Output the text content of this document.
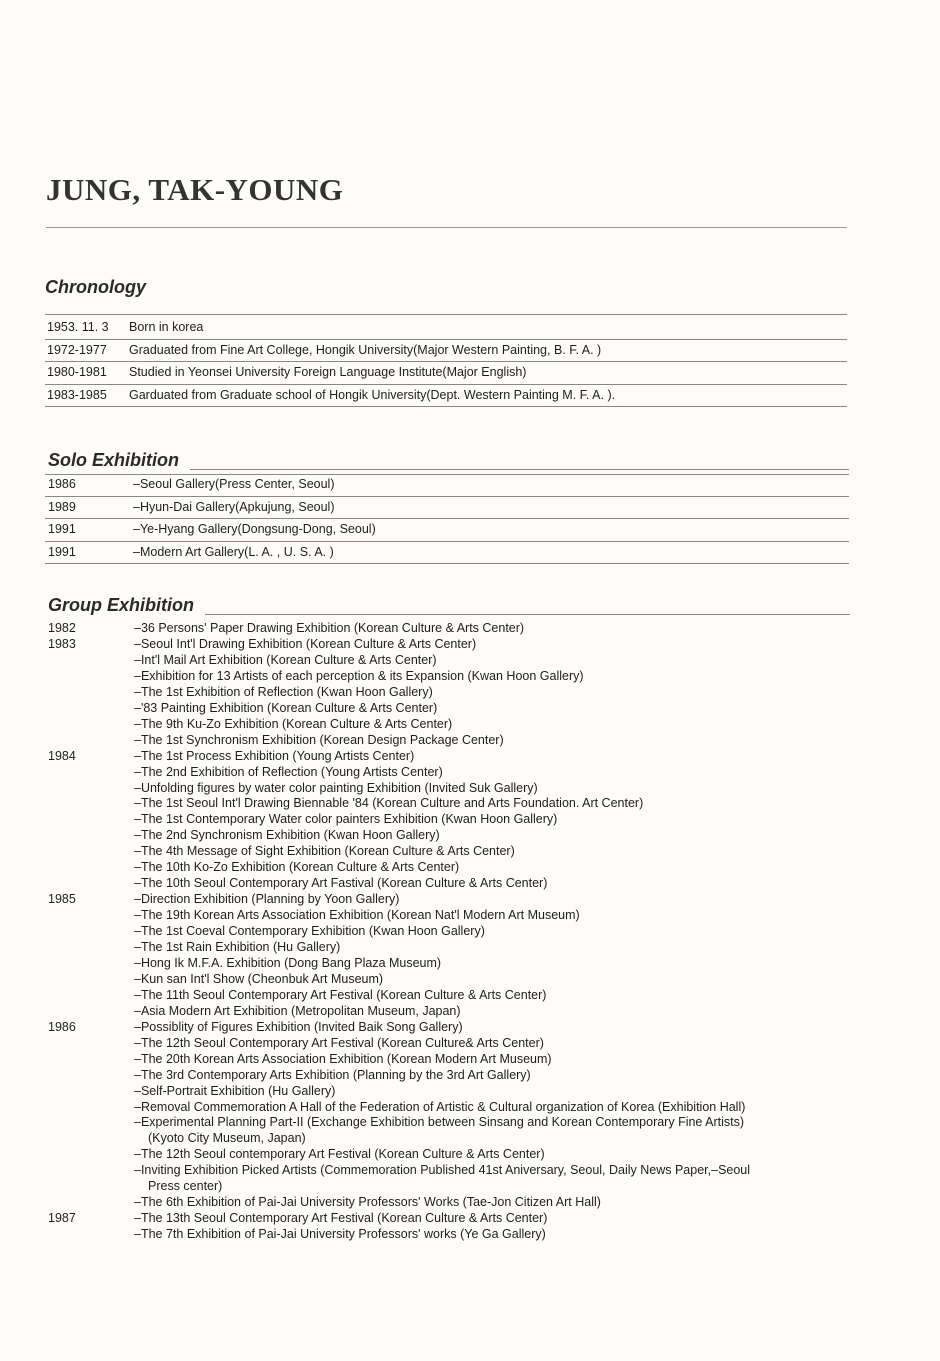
JUNG, TAK-YOUNG
Chronology
1953. 11. 3 Born in korea
1972-1977 Graduated from Fine Art College, Hongik University(Major Western Painting, B. F. A. )
1980-1981 Studied in Yeonsei University Foreign Language Institute(Major English)
1983-1985 Garduated from Graduate school of Hongik University(Dept. Western Painting M. F. A. ).
Solo Exhibition
1986	–Seoul Gallery(Press Center, Seoul)
1989	–Hyun-Dai Gallery(Apkujung, Seoul)
1991	–Ye-Hyang Gallery(Dongsung-Dong, Seoul)
1991	–Modern Art Gallery(L. A. , U. S. A. )
Group Exhibition
1982	–36 Persons' Paper Drawing Exhibition (Korean Culture & Arts Center)
1983	–Seoul Int'l Drawing Exhibition (Korean Culture & Arts Center)
–Int'l Mail Art Exhibition (Korean Culture & Arts Center)
–Exhibition for 13 Artists of each perception & its Expansion (Kwan Hoon Gallery)
–The 1st Exhibition of Reflection (Kwan Hoon Gallery)
–'83 Painting Exhibition (Korean Culture & Arts Center)
–The 9th Ku-Zo Exhibition (Korean Culture & Arts Center)
–The 1st Synchronism Exhibition (Korean Design Package Center)
1984	–The 1st Process Exhibition (Young Artists Center)
–The 2nd Exhibition of Reflection (Young Artists Center)
–Unfolding figures by water color painting Exhibition (Invited Suk Gallery)
–The 1st Seoul Int'l Drawing Biennable '84 (Korean Culture and Arts Foundation. Art Center)
–The 1st Contemporary Water color painters Exhibition (Kwan Hoon Gallery)
–The 2nd Synchronism Exhibition (Kwan Hoon Gallery)
–The 4th Message of Sight Exhibition (Korean Culture & Arts Center)
–The 10th Ko-Zo Exhibition (Korean Culture & Arts Center)
–The 10th Seoul Contemporary Art Fastival (Korean Culture & Arts Center)
1985	–Direction Exhibition (Planning by Yoon Gallery)
–The 19th Korean Arts Association Exhibition (Korean Nat'l Modern Art Museum)
–The 1st Coeval Contemporary Exhibition (Kwan Hoon Gallery)
–The 1st Rain Exhibition (Hu Gallery)
–Hong Ik M.F.A. Exhibition (Dong Bang Plaza Museum)
–Kun san Int'l Show (Cheonbuk Art Museum)
–The 11th Seoul Contemporary Art Festival (Korean Culture & Arts Center)
–Asia Modern Art Exhibition (Metropolitan Museum, Japan)
1986	–Possiblity of Figures Exhibition (Invited Baik Song Gallery)
–The 12th Seoul Contemporary Art Festival (Korean Culture& Arts Center)
–The 20th Korean Arts Association Exhibition (Korean Modern Art Museum)
–The 3rd Contemporary Arts Exhibition (Planning by the 3rd Art Gallery)
–Self-Portrait Exhibition (Hu Gallery)
–Removal Commemoration A Hall of the Federation of Artistic & Cultural organization of Korea (Exhibition Hall)
–Experimental Planning Part-II (Exchange Exhibition between Sinsang and Korean Contemporary Fine Artists)
(Kyoto City Museum, Japan)
–The 12th Seoul contemporary Art Festival (Korean Culture & Arts Center)
–Inviting Exhibition Picked Artists (Commemoration Published 41st Aniversary, Seoul, Daily News Paper,–Seoul
Press center)
–The 6th Exhibition of Pai-Jai University Professors' Works (Tae-Jon Citizen Art Hall)
1987	–The 13th Seoul Contemporary Art Festival (Korean Culture & Arts Center)
–The 7th Exhibition of Pai-Jai University Professors' works (Ye Ga Gallery)
